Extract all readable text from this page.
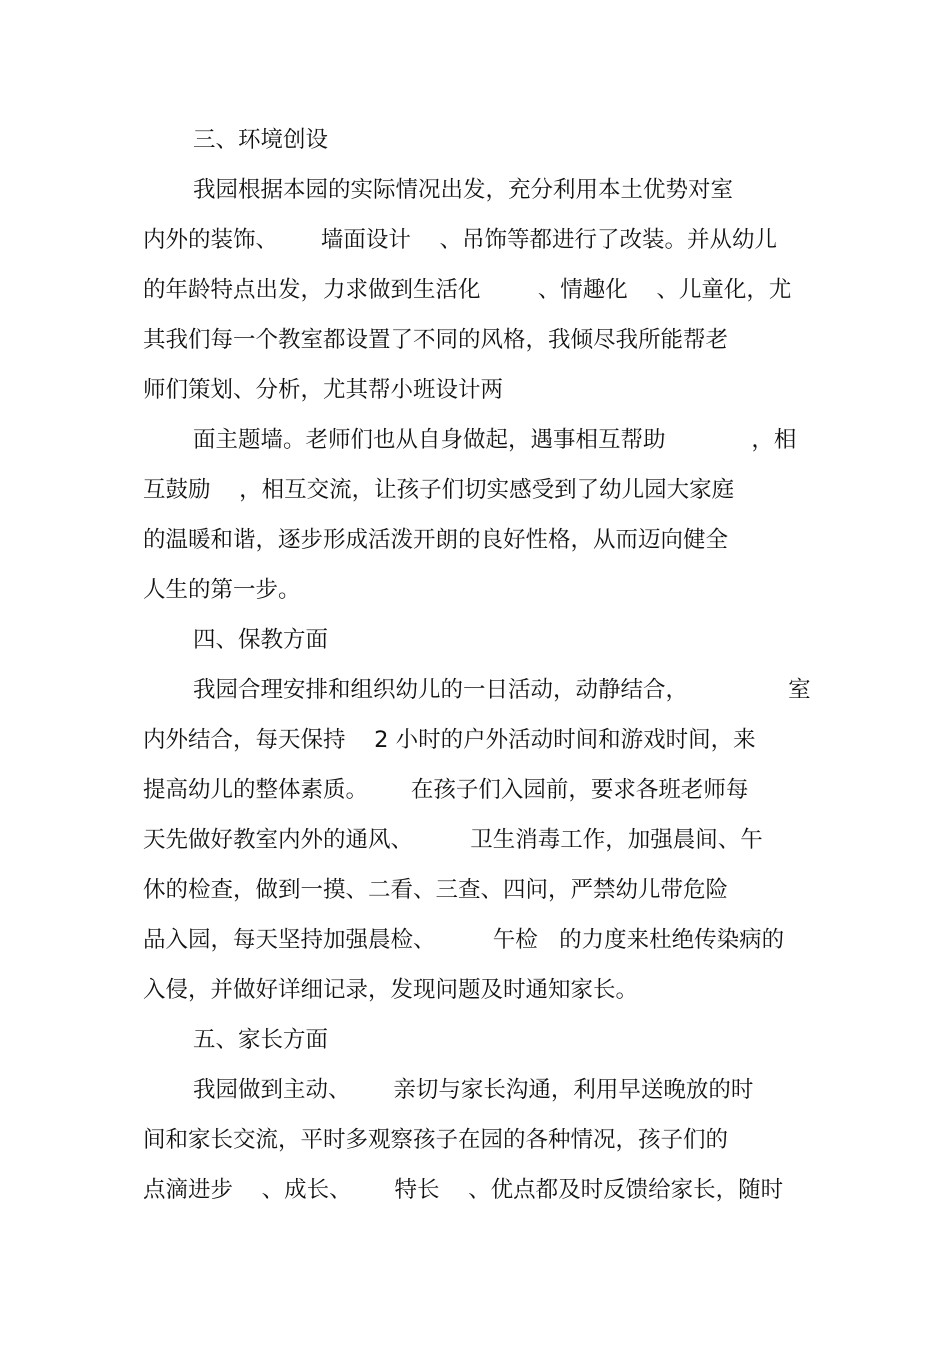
三、环境创设
我园根据本园的实际情况出发，充分利用本土优势对室
内外的装饰、      墙面设计    、吊饰等都进行了改装。并从幼儿
的年龄特点出发，力求做到生活化        、情趣化    、儿童化，尤
其我们每一个教室都设置了不同的风格，我倾尽我所能帮老
师们策划、分析，尤其帮小班设计两
面主题墙。老师们也从自身做起，遇事相互帮助            ，相
互鼓励    ，相互交流，让孩子们切实感受到了幼儿园大家庭
的温暖和谐，逐步形成活泼开朗的良好性格，从而迈向健全
人生的第一步。
四、保教方面
我园合理安排和组织幼儿的一日活动，动静结合，              室
内外结合，每天保持    2 小时的户外活动时间和游戏时间，来
提高幼儿的整体素质。      在孩子们入园前，要求各班老师每
天先做好教室内外的通风、        卫生消毒工作，加强晨间、午
休的检查，做到一摸、二看、三查、四问，严禁幼儿带危险
品入园，每天坚持加强晨检、        午检   的力度来杜绝传染病的
入侵，并做好详细记录，发现问题及时通知家长。
五、家长方面
我园做到主动、      亲切与家长沟通，利用早送晚放的时
间和家长交流，平时多观察孩子在园的各种情况，孩子们的
点滴进步    、成长、      特长    、优点都及时反馈给家长，随时
